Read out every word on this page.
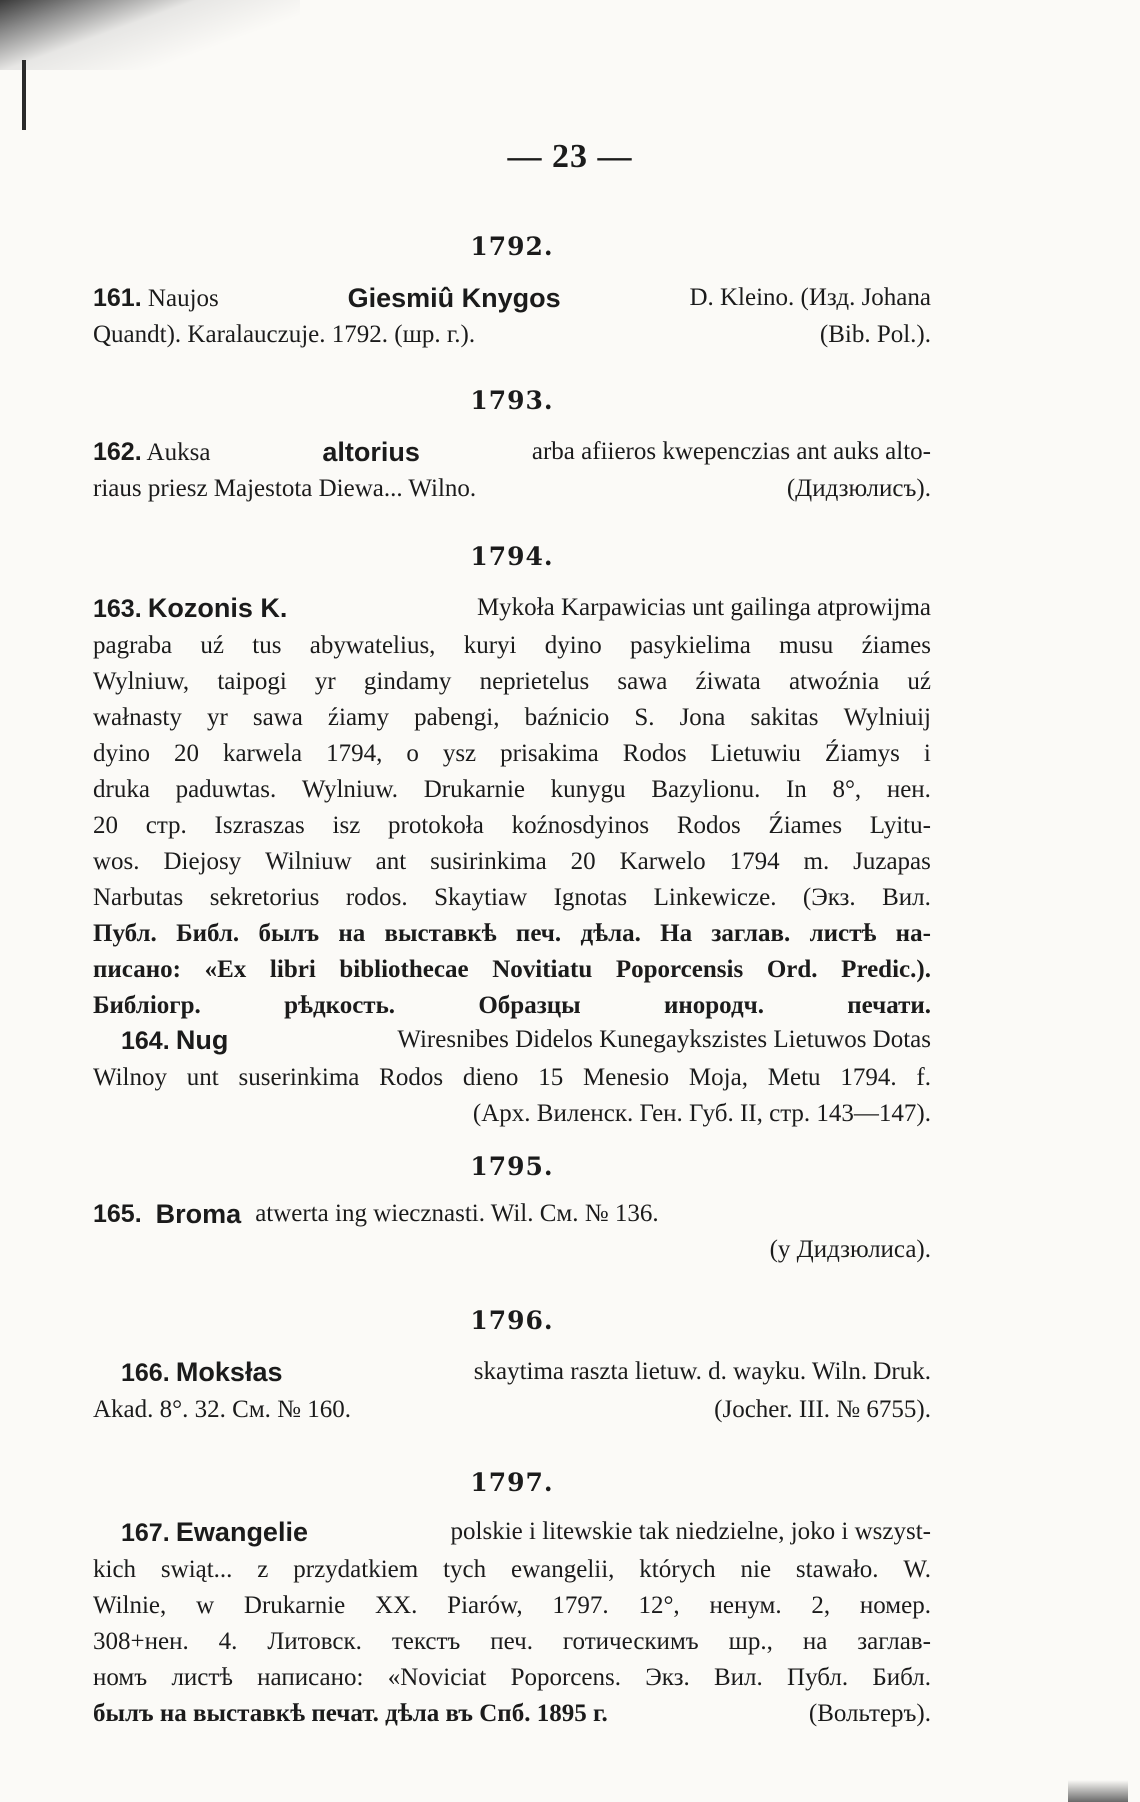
— 23 —
1792.
161. Naujos	Giesmiû Knygos	D. Kleino. (Изд. Johana
Quandt). Karalauczuje. 1792. (шр. г.).	(Bib. Pol.).
1793.
162. Auksa	altorius	arba afiieros kwepenczias ant auks alto-
riaus priesz Majestota Diewa... Wilno.	(Дидзюлисъ).
1794.
163. Kozonis K.	Mykoła Karpawicias unt gailinga atprowijma
pagraba uź tus abywatelius, kuryi dyino pasykielima musu źiames
Wylniuw, taipogi yr gindamy neprietelus sawa źiwata atwoźnia uź
wałnasty yr sawa źiamy pabengi, baźnicio S. Jona sakitas Wylniuij
dyino 20 karwela 1794, o ysz prisakima Rodos Lietuwiu Źiamys i
druka paduwtas. Wylniuw. Drukarnie kunygu Bazylionu. In 8°, нен.
20 стр. Iszraszas isz protokoła koźnosdyinos Rodos Źiames Lyitu-
wos. Diejosy Wilniuw ant susirinkima 20 Karwelo 1794 m. Juzapas
Narbutas sekretorius rodos. Skaytiaw Ignotas Linkewicze. (Экз. Вил.
Публ. Библ. былъ на выставкѣ печ. дѣла. На заглав. листѣ на-
писано: «Ex libri bibliothecae Novitiatu Poporcensis Ord. Predic.).
Библіогр.	рѣдкость.	Образцы	инородч.	печати.
164. Nug	Wiresnibes Didelos Kunegaykszistes Lietuwos Dotas
Wilnoy unt suserinkima Rodos dieno 15 Menesio Moja, Metu 1794. f.
(Арх. Виленск. Ген. Губ. II, стр. 143—147).
1795.
165. Broma atwerta ing wiecznasti. Wil. См. № 136.
(у Дидзюлиса).
1796.
166. Moksłas	skaytima raszta lietuw. d. wayku. Wiln. Druk.
Akad. 8°. 32. См. № 160.	(Jocher. III. № 6755).
1797.
167. Ewangelie	polskie i litewskie tak niedzielne, joko i wszyst-
kich swiąt... z przydatkiem tych ewangelii, których nie stawało. W.
Wilnie, w Drukarnie XX. Piarów, 1797. 12°, ненум. 2, номер.
308+нен. 4. Литовск. текстъ печ. готическимъ шр., на заглав-
номъ листѣ написано: «Noviciat Poporcens. Экз. Вил. Публ. Библ.
былъ на выставкѣ печат. дѣла въ Спб. 1895 г.	(Вольтеръ).
